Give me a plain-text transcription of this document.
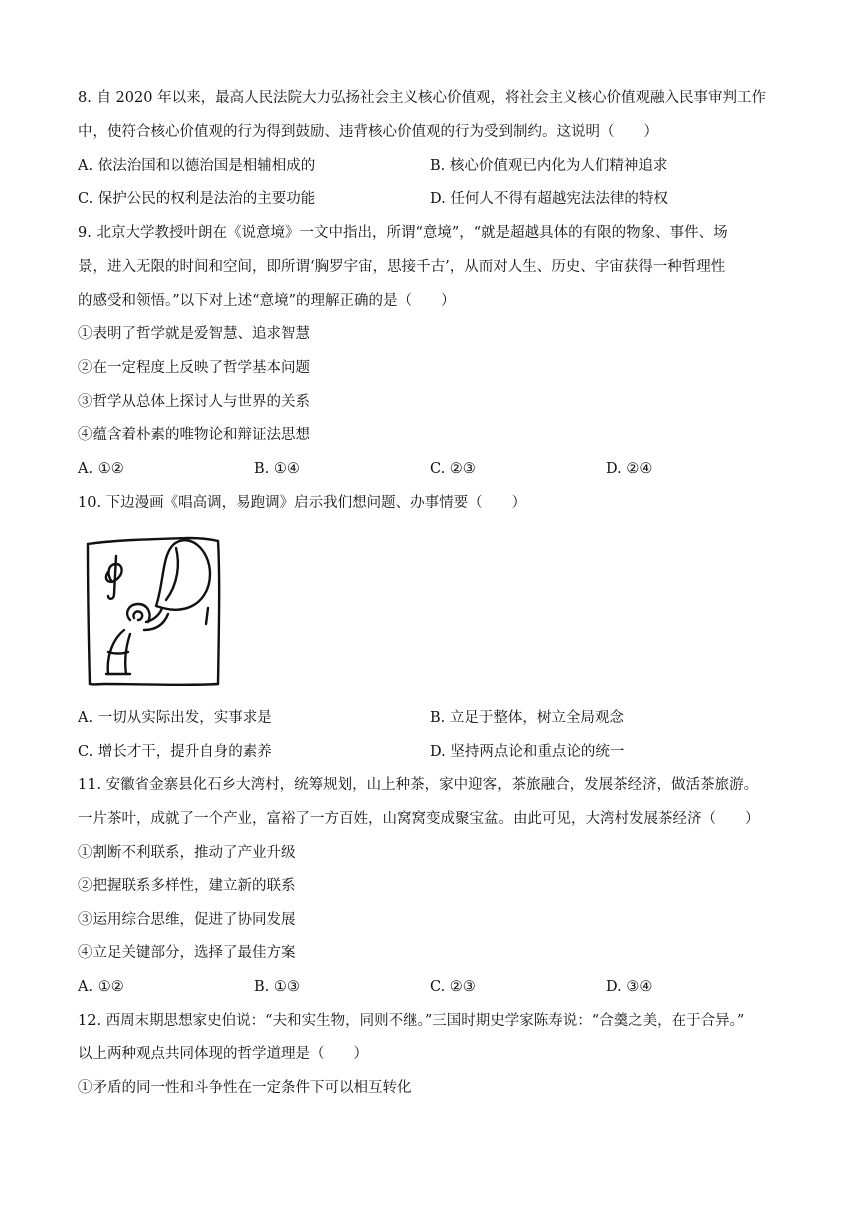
8. 自 2020 年以来，最高人民法院大力弘扬社会主义核心价值观，将社会主义核心价值观融入民事审判工作
中，使符合核心价值观的行为得到鼓励、违背核心价值观的行为受到制约。这说明（　　）
A. 依法治国和以德治国是相辅相成的	B. 核心价值观已内化为人们精神追求
C. 保护公民的权利是法治的主要功能	D. 任何人不得有超越宪法法律的特权
9. 北京大学教授叶朗在《说意境》一文中指出，所谓“意境”，“就是超越具体的有限的物象、事件、场
景，进入无限的时间和空间，即所谓‘胸罗宇宙，思接千古’，从而对人生、历史、宇宙获得一种哲理性
的感受和领悟。”以下对上述“意境”的理解正确的是（　　）
①表明了哲学就是爱智慧、追求智慧
②在一定程度上反映了哲学基本问题
③哲学从总体上探讨人与世界的关系
④蕴含着朴素的唯物论和辩证法思想
A. ①②	B. ①④	C. ②③	D. ②④
10. 下边漫画《唱高调，易跑调》启示我们想问题、办事情要（　　）
A. 一切从实际出发，实事求是	B. 立足于整体，树立全局观念
C. 增长才干，提升自身的素养	D. 坚持两点论和重点论的统一
11. 安徽省金寨县化石乡大湾村，统筹规划，山上种茶，家中迎客，茶旅融合，发展茶经济，做活茶旅游。
一片茶叶，成就了一个产业，富裕了一方百姓，山窝窝变成聚宝盆。由此可见，大湾村发展茶经济（　　）
①割断不利联系，推动了产业升级
②把握联系多样性，建立新的联系
③运用综合思维，促进了协同发展
④立足关键部分，选择了最佳方案
A. ①②	B. ①③	C. ②③	D. ③④
12. 西周末期思想家史伯说：“夫和实生物，同则不继。”三国时期史学家陈寿说：“合羹之美，在于合异。”
以上两种观点共同体现的哲学道理是（　　）
①矛盾的同一性和斗争性在一定条件下可以相互转化
